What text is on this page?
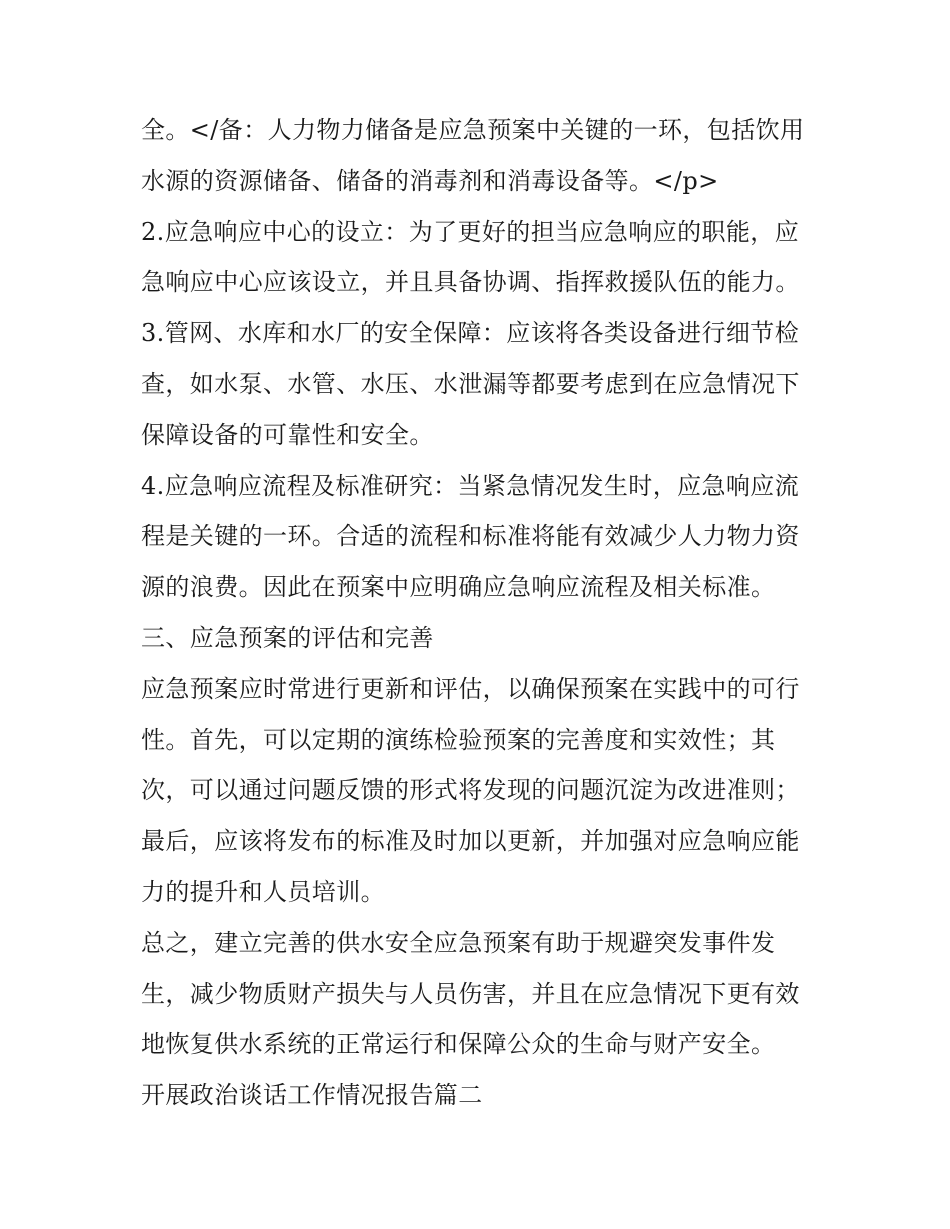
全。</备：人力物力储备是应急预案中关键的一环，包括饮用水源的资源储备、储备的消毒剂和消毒设备等。</p>

2.应急响应中心的设立：为了更好的担当应急响应的职能，应急响应中心应该设立，并且具备协调、指挥救援队伍的能力。

3.管网、水库和水厂的安全保障：应该将各类设备进行细节检查，如水泵、水管、水压、水泄漏等都要考虑到在应急情况下保障设备的可靠性和安全。

4.应急响应流程及标准研究：当紧急情况发生时，应急响应流程是关键的一环。合适的流程和标准将能有效减少人力物力资源的浪费。因此在预案中应明确应急响应流程及相关标准。

三、应急预案的评估和完善

应急预案应时常进行更新和评估，以确保预案在实践中的可行性。首先，可以定期的演练检验预案的完善度和实效性；其次，可以通过问题反馈的形式将发现的问题沉淀为改进准则；最后，应该将发布的标准及时加以更新，并加强对应急响应能力的提升和人员培训。

总之，建立完善的供水安全应急预案有助于规避突发事件发生，减少物质财产损失与人员伤害，并且在应急情况下更有效地恢复供水系统的正常运行和保障公众的生命与财产安全。

开展政治谈话工作情况报告篇二
